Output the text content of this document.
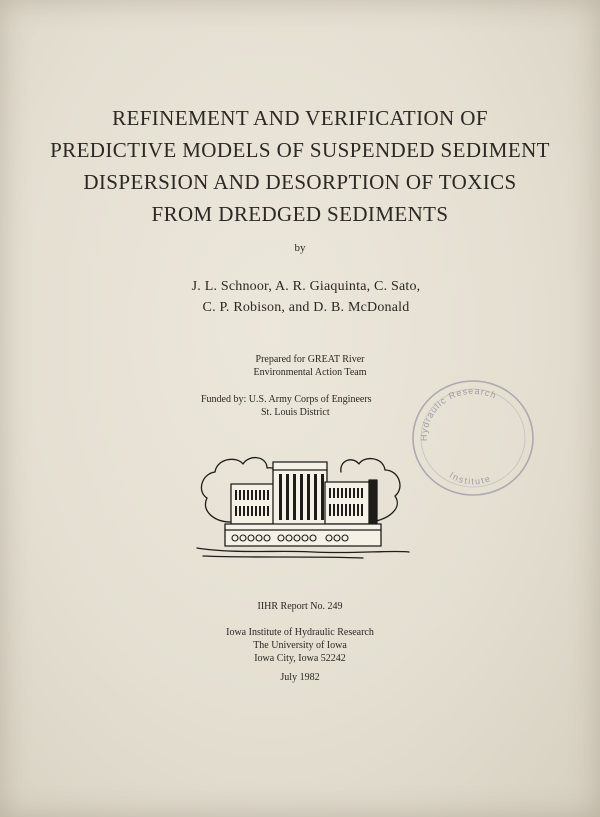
REFINEMENT AND VERIFICATION OF
PREDICTIVE MODELS OF SUSPENDED SEDIMENT
DISPERSION AND DESORPTION OF TOXICS
FROM DREDGED SEDIMENTS
by
J. L. Schnoor, A. R. Giaquinta, C. Sato,
C. P. Robison, and D. B. McDonald
Prepared for GREAT River
Environmental Action Team
Funded by: U.S. Army Corps of Engineers
St. Louis District
Hydraulic Research
Institute
IIHR Report No. 249
Iowa Institute of Hydraulic Research
The University of Iowa
Iowa City, Iowa 52242
July 1982
